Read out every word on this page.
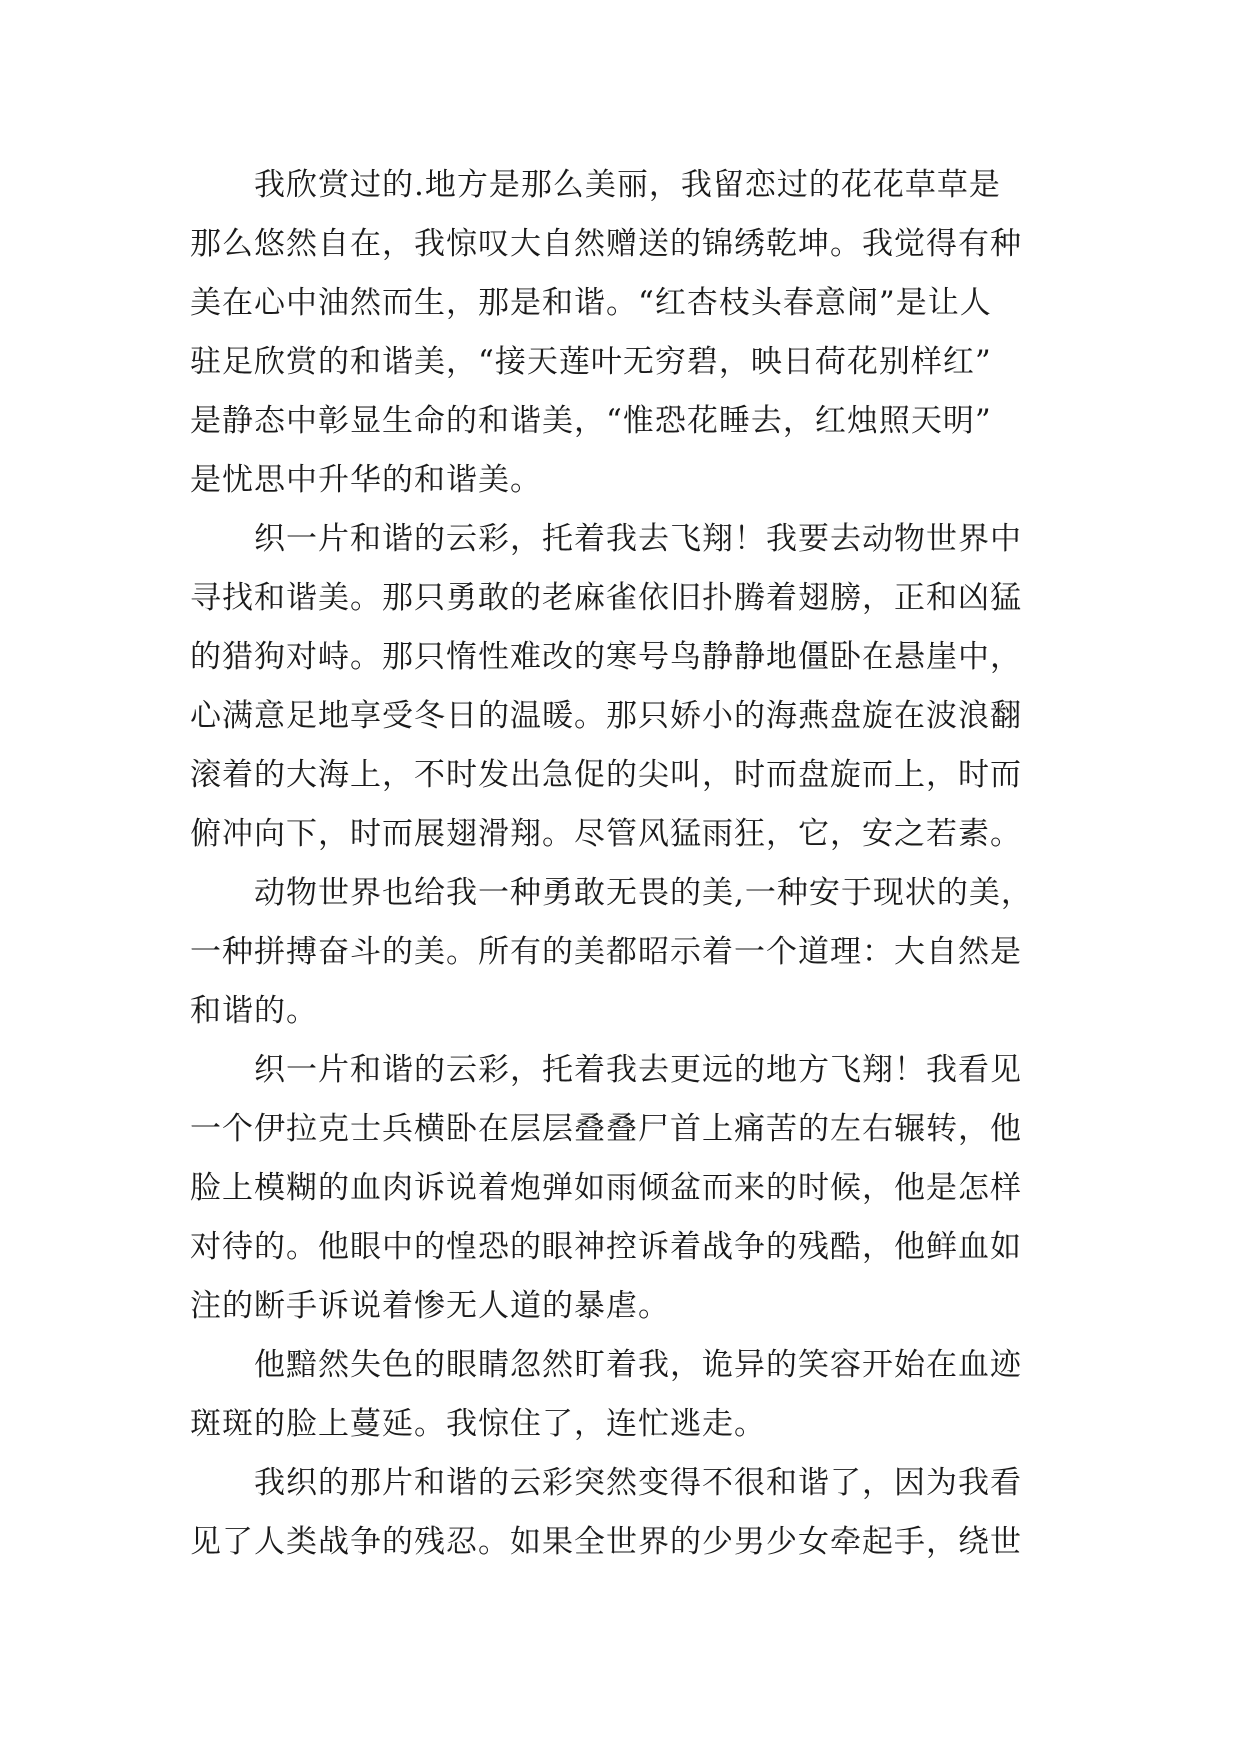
我欣赏过的.地方是那么美丽，我留恋过的花花草草是
那么悠然自在，我惊叹大自然赠送的锦绣乾坤。我觉得有种
美在心中油然而生，那是和谐。“红杏枝头春意闹”是让人
驻足欣赏的和谐美，“接天莲叶无穷碧，映日荷花别样红”
是静态中彰显生命的和谐美，“惟恐花睡去，红烛照天明”
是忧思中升华的和谐美。
织一片和谐的云彩，托着我去飞翔！我要去动物世界中
寻找和谐美。那只勇敢的老麻雀依旧扑腾着翅膀，正和凶猛
的猎狗对峙。那只惰性难改的寒号鸟静静地僵卧在悬崖中，
心满意足地享受冬日的温暖。那只娇小的海燕盘旋在波浪翻
滚着的大海上，不时发出急促的尖叫，时而盘旋而上，时而
俯冲向下，时而展翅滑翔。尽管风猛雨狂，它，安之若素。
动物世界也给我一种勇敢无畏的美,一种安于现状的美，
一种拼搏奋斗的美。所有的美都昭示着一个道理：大自然是
和谐的。
织一片和谐的云彩，托着我去更远的地方飞翔！我看见
一个伊拉克士兵横卧在层层叠叠尸首上痛苦的左右辗转，他
脸上模糊的血肉诉说着炮弹如雨倾盆而来的时候，他是怎样
对待的。他眼中的惶恐的眼神控诉着战争的残酷，他鲜血如
注的断手诉说着惨无人道的暴虐。
他黯然失色的眼睛忽然盯着我，诡异的笑容开始在血迹
斑斑的脸上蔓延。我惊住了，连忙逃走。
我织的那片和谐的云彩突然变得不很和谐了，因为我看
见了人类战争的残忍。如果全世界的少男少女牵起手，绕世
